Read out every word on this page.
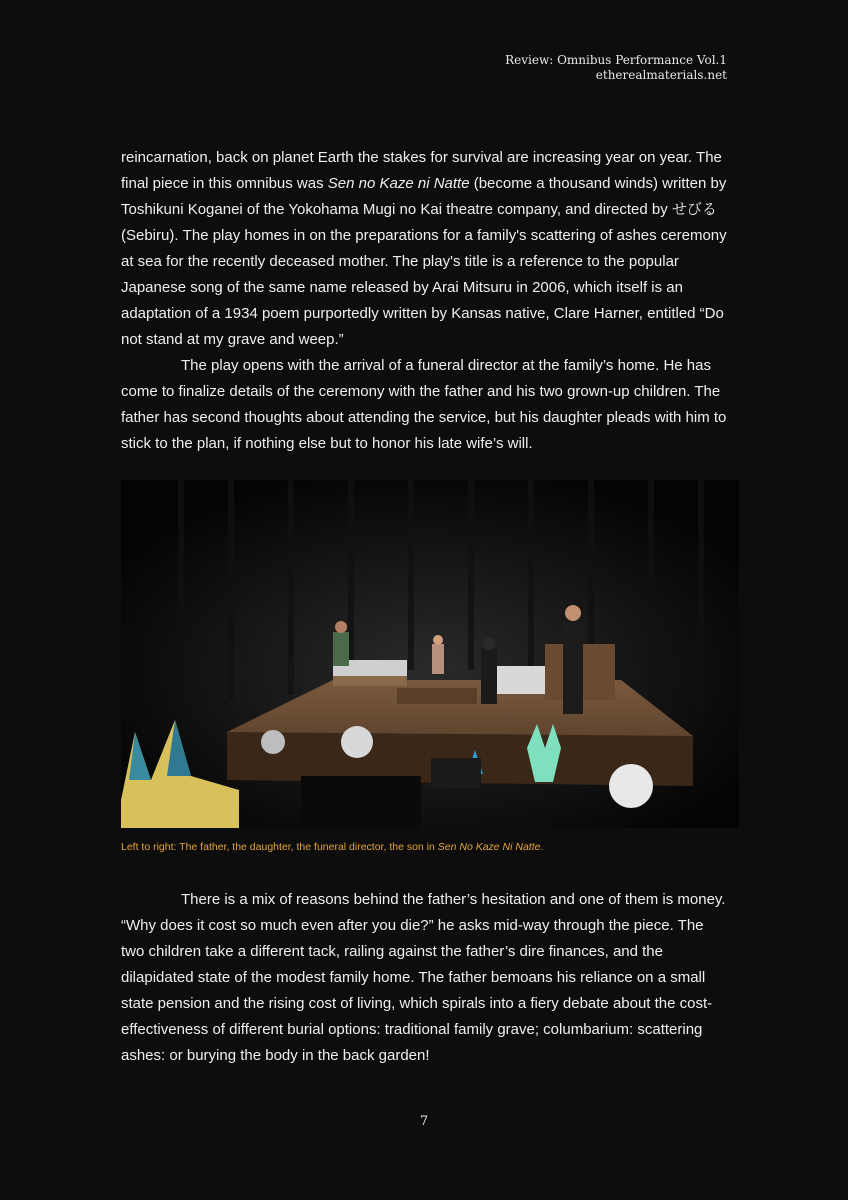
Review: Omnibus Performance Vol.1
etherealmaterials.net

reincarnation, back on planet Earth the stakes for survival are increasing year on year. The final piece in this omnibus was Sen no Kaze ni Natte (become a thousand winds) written by Toshikuni Koganei of the Yokohama Mugi no Kai theatre company, and directed by せびる(Sebiru). The play homes in on the preparations for a family's scattering of ashes ceremony at sea for the recently deceased mother. The play's title is a reference to the popular Japanese song of the same name released by Arai Mitsuru in 2006, which itself is an adaptation of a 1934 poem purportedly written by Kansas native, Clare Harner, entitled “Do not stand at my grave and weep.”

The play opens with the arrival of a funeral director at the family’s home. He has come to finalize details of the ceremony with the father and his two grown-up children. The father has second thoughts about attending the service, but his daughter pleads with him to stick to the plan, if nothing else but to honor his late wife’s will.

Left to right: The father, the daughter, the funeral director, the son in Sen No Kaze Ni Natte.

There is a mix of reasons behind the father’s hesitation and one of them is money. “Why does it cost so much even after you die?” he asks mid-way through the piece. The two children take a different tack, railing against the father’s dire finances, and the dilapidated state of the modest family home. The father bemoans his reliance on a small state pension and the rising cost of living, which spirals into a fiery debate about the cost-effectiveness of different burial options: traditional family grave; columbarium: scattering ashes: or burying the body in the back garden!

7
